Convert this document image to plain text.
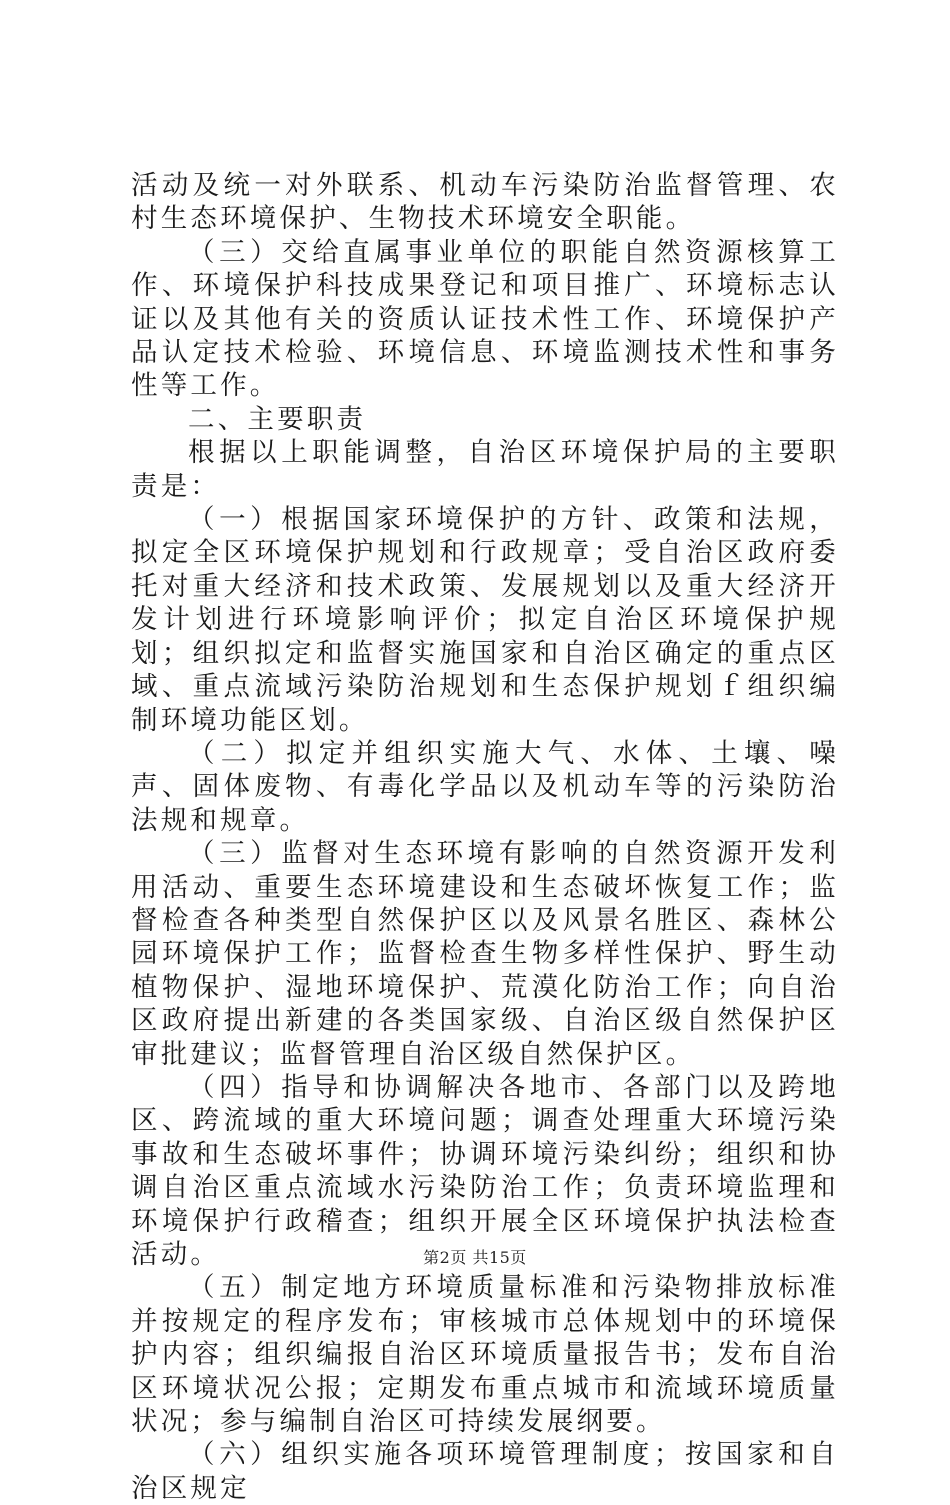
活动及统一对外联系、机动车污染防治监督管理、农村生态环境保护、生物技术环境安全职能。

（三）交给直属事业单位的职能自然资源核算工作、环境保护科技成果登记和项目推广、环境标志认证以及其他有关的资质认证技术性工作、环境保护产品认定技术检验、环境信息、环境监测技术性和事务性等工作。

二、主要职责

根据以上职能调整，自治区环境保护局的主要职责是：

（一）根据国家环境保护的方针、政策和法规，拟定全区环境保护规划和行政规章；受自治区政府委托对重大经济和技术政策、发展规划以及重大经济开发计划进行环境影响评价；拟定自治区环境保护规划；组织拟定和监督实施国家和自治区确定的重点区域、重点流域污染防治规划和生态保护规划ｆ组织编制环境功能区划。

（二）拟定并组织实施大气、水体、土壤、噪声、固体废物、有毒化学品以及机动车等的污染防治法规和规章。

（三）监督对生态环境有影响的自然资源开发利用活动、重要生态环境建设和生态破坏恢复工作；监督检查各种类型自然保护区以及风景名胜区、森林公园环境保护工作；监督检查生物多样性保护、野生动植物保护、湿地环境保护、荒漠化防治工作；向自治区政府提出新建的各类国家级、自治区级自然保护区审批建议；监督管理自治区级自然保护区。

（四）指导和协调解决各地市、各部门以及跨地区、跨流域的重大环境问题；调查处理重大环境污染事故和生态破坏事件；协调环境污染纠纷；组织和协调自治区重点流域水污染防治工作；负责环境监理和环境保护行政稽查；组织开展全区环境保护执法检查活动。

（五）制定地方环境质量标准和污染物排放标准并按规定的程序发布；审核城市总体规划中的环境保护内容；组织编报自治区环境质量报告书；发布自治区环境状况公报；定期发布重点城市和流域环境质量状况；参与编制自治区可持续发展纲要。

（六）组织实施各项环境管理制度；按国家和自治区规定

第2页 共15页
